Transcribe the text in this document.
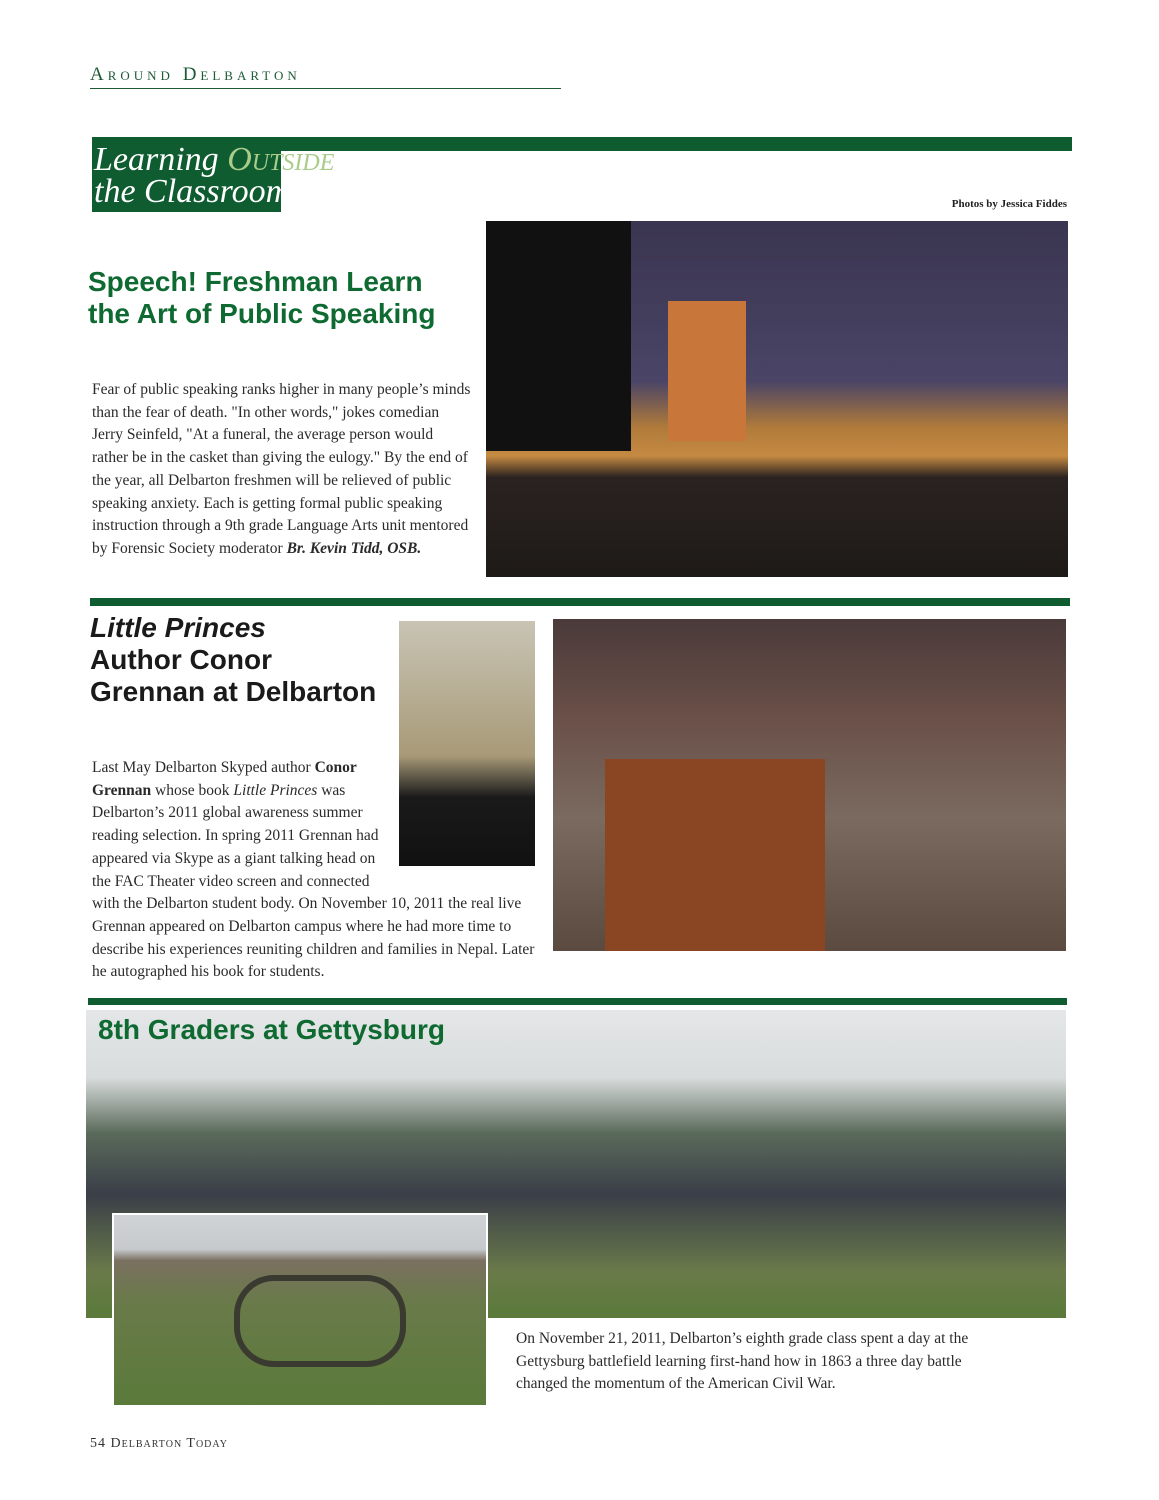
Around Delbarton
Learning Outside
the Classroom	Photos by Jessica Fiddes
Speech! Freshman Learn the Art of Public Speaking
Fear of public speaking ranks higher in many people’s minds than the fear of death. "In other words," jokes comedian Jerry Seinfeld, "At a funeral, the average person would rather be in the casket than giving the eulogy." By the end of the year, all Delbarton freshmen will be relieved of public speaking anxiety. Each is getting formal public speaking instruction through a 9th grade Language Arts unit mentored by Forensic Society moderator Br. Kevin Tidd, OSB.
Little Princes
Author Conor Grennan at Delbarton
Last May Delbarton Skyped author Conor Grennan whose book Little Princes was Delbarton’s 2011 global awareness summer reading selection. In spring 2011 Grennan had appeared via Skype as a giant talking head on the FAC Theater video screen and connected with the Delbarton student body. On November 10, 2011 the real live Grennan appeared on Delbarton campus where he had more time to describe his experiences reuniting children and families in Nepal. Later he autographed his book for students.
8th Graders at Gettysburg
On November 21, 2011, Delbarton’s eighth grade class spent a day at the Gettysburg battlefield learning first-hand how in 1863 a three day battle changed the momentum of the American Civil War.
54 Delbarton Today
